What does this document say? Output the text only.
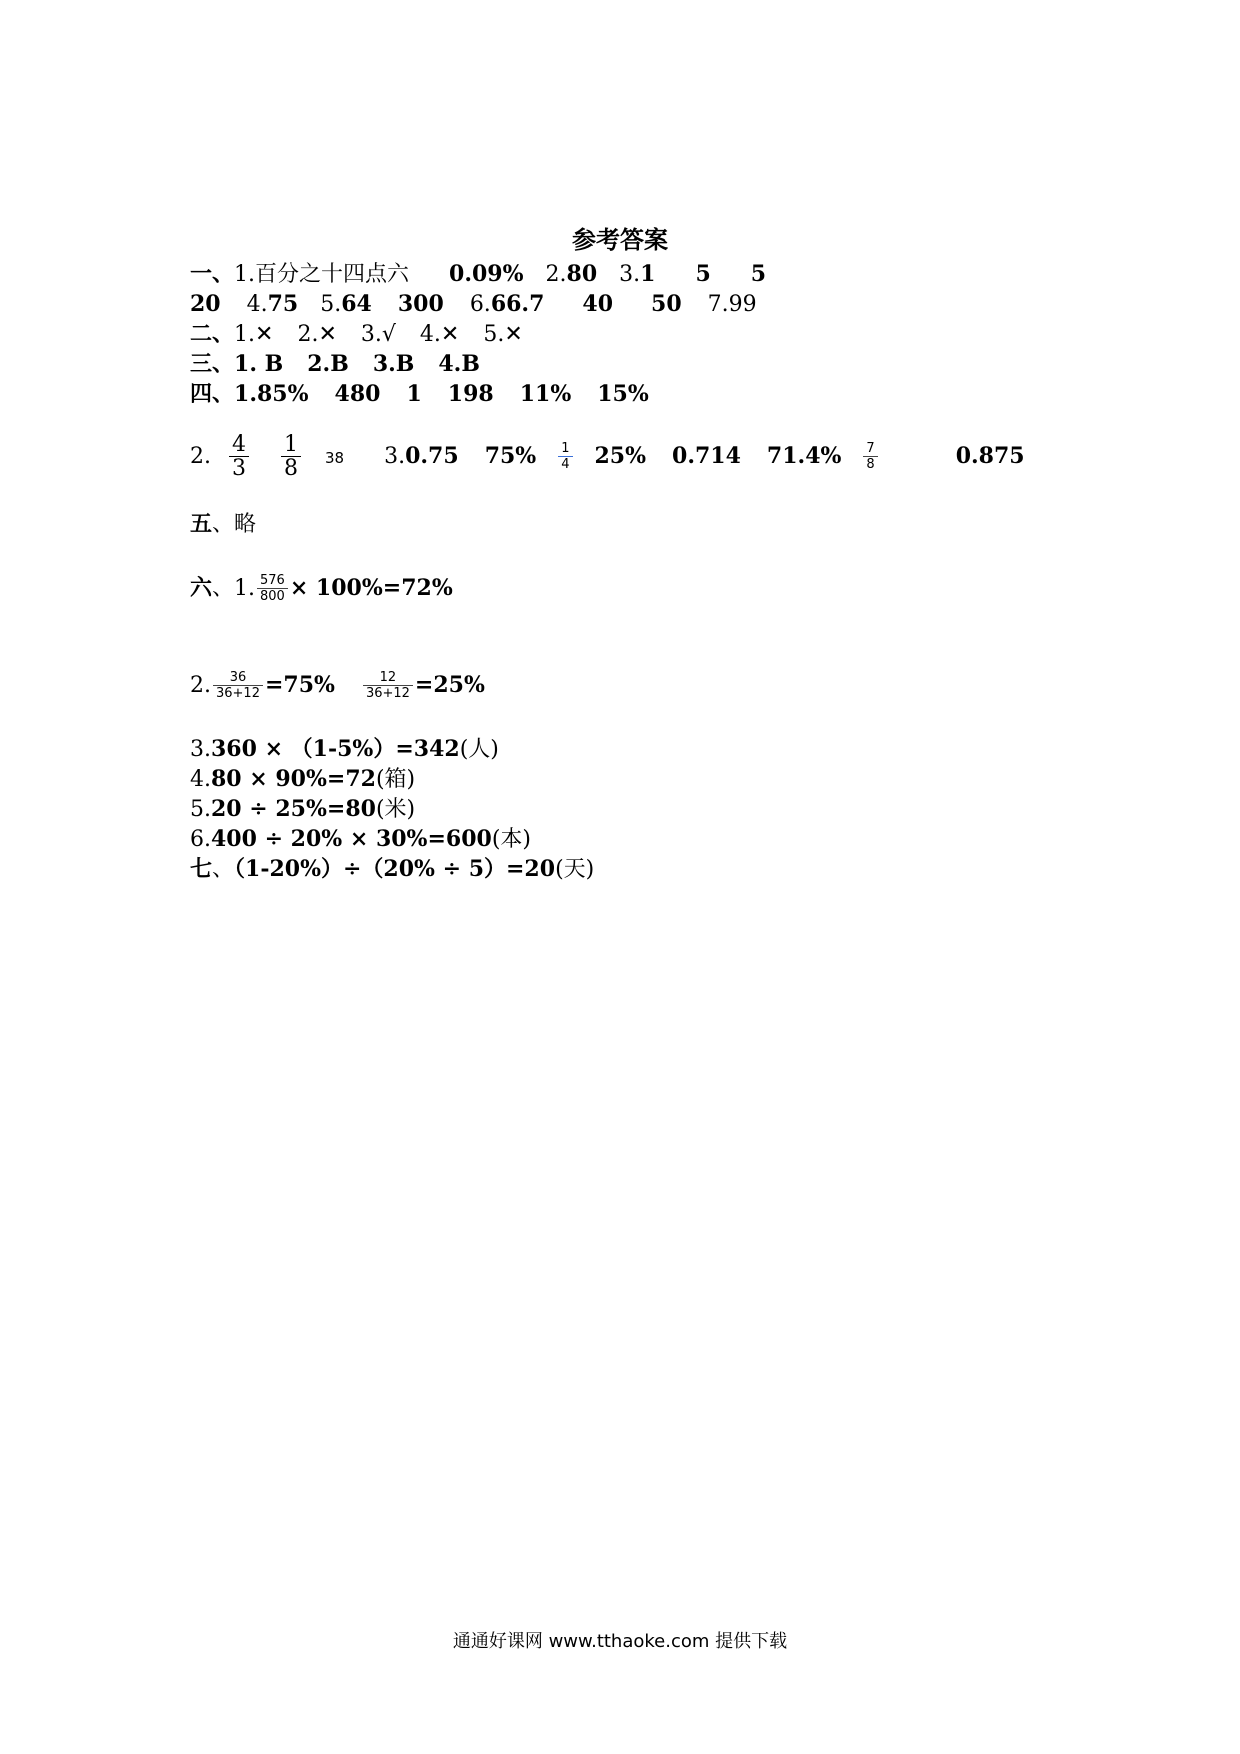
参考答案
一、1.百分之十四点六 0.09% 2.80 3.1 5 5
20 4.75 5.64 300 6.66.7 40 50 7.99
二、1.✕ 2.✕ 3.√ 4.✕ 5.✕
三、1. B 2.B 3.B 4.B
四、1.85% 480 1 198 11% 15%
2. $\frac{4}{3} \frac{1}{8} 38$ 3.0.75 $75\% \frac{1}{4} 25\%$ 0.714 $71.4\% \frac{7}{8}$	0.875
五、略
六、1. $\frac{576}{800} \times 100\%=72\%$
2. $\frac{36}{36+12} =75\% \frac{12}{36+12} =25\%$
3.360 × （1-5%）=342(人)
4.80 × 90%=72(箱)
5.20 ÷ 25%=80(米)
6.400 ÷ 20% × 30%=600(本)
七、（1-20%）÷（20% ÷ 5）=20(天)
通通好课网 www.tthaoke.com 提供下载
